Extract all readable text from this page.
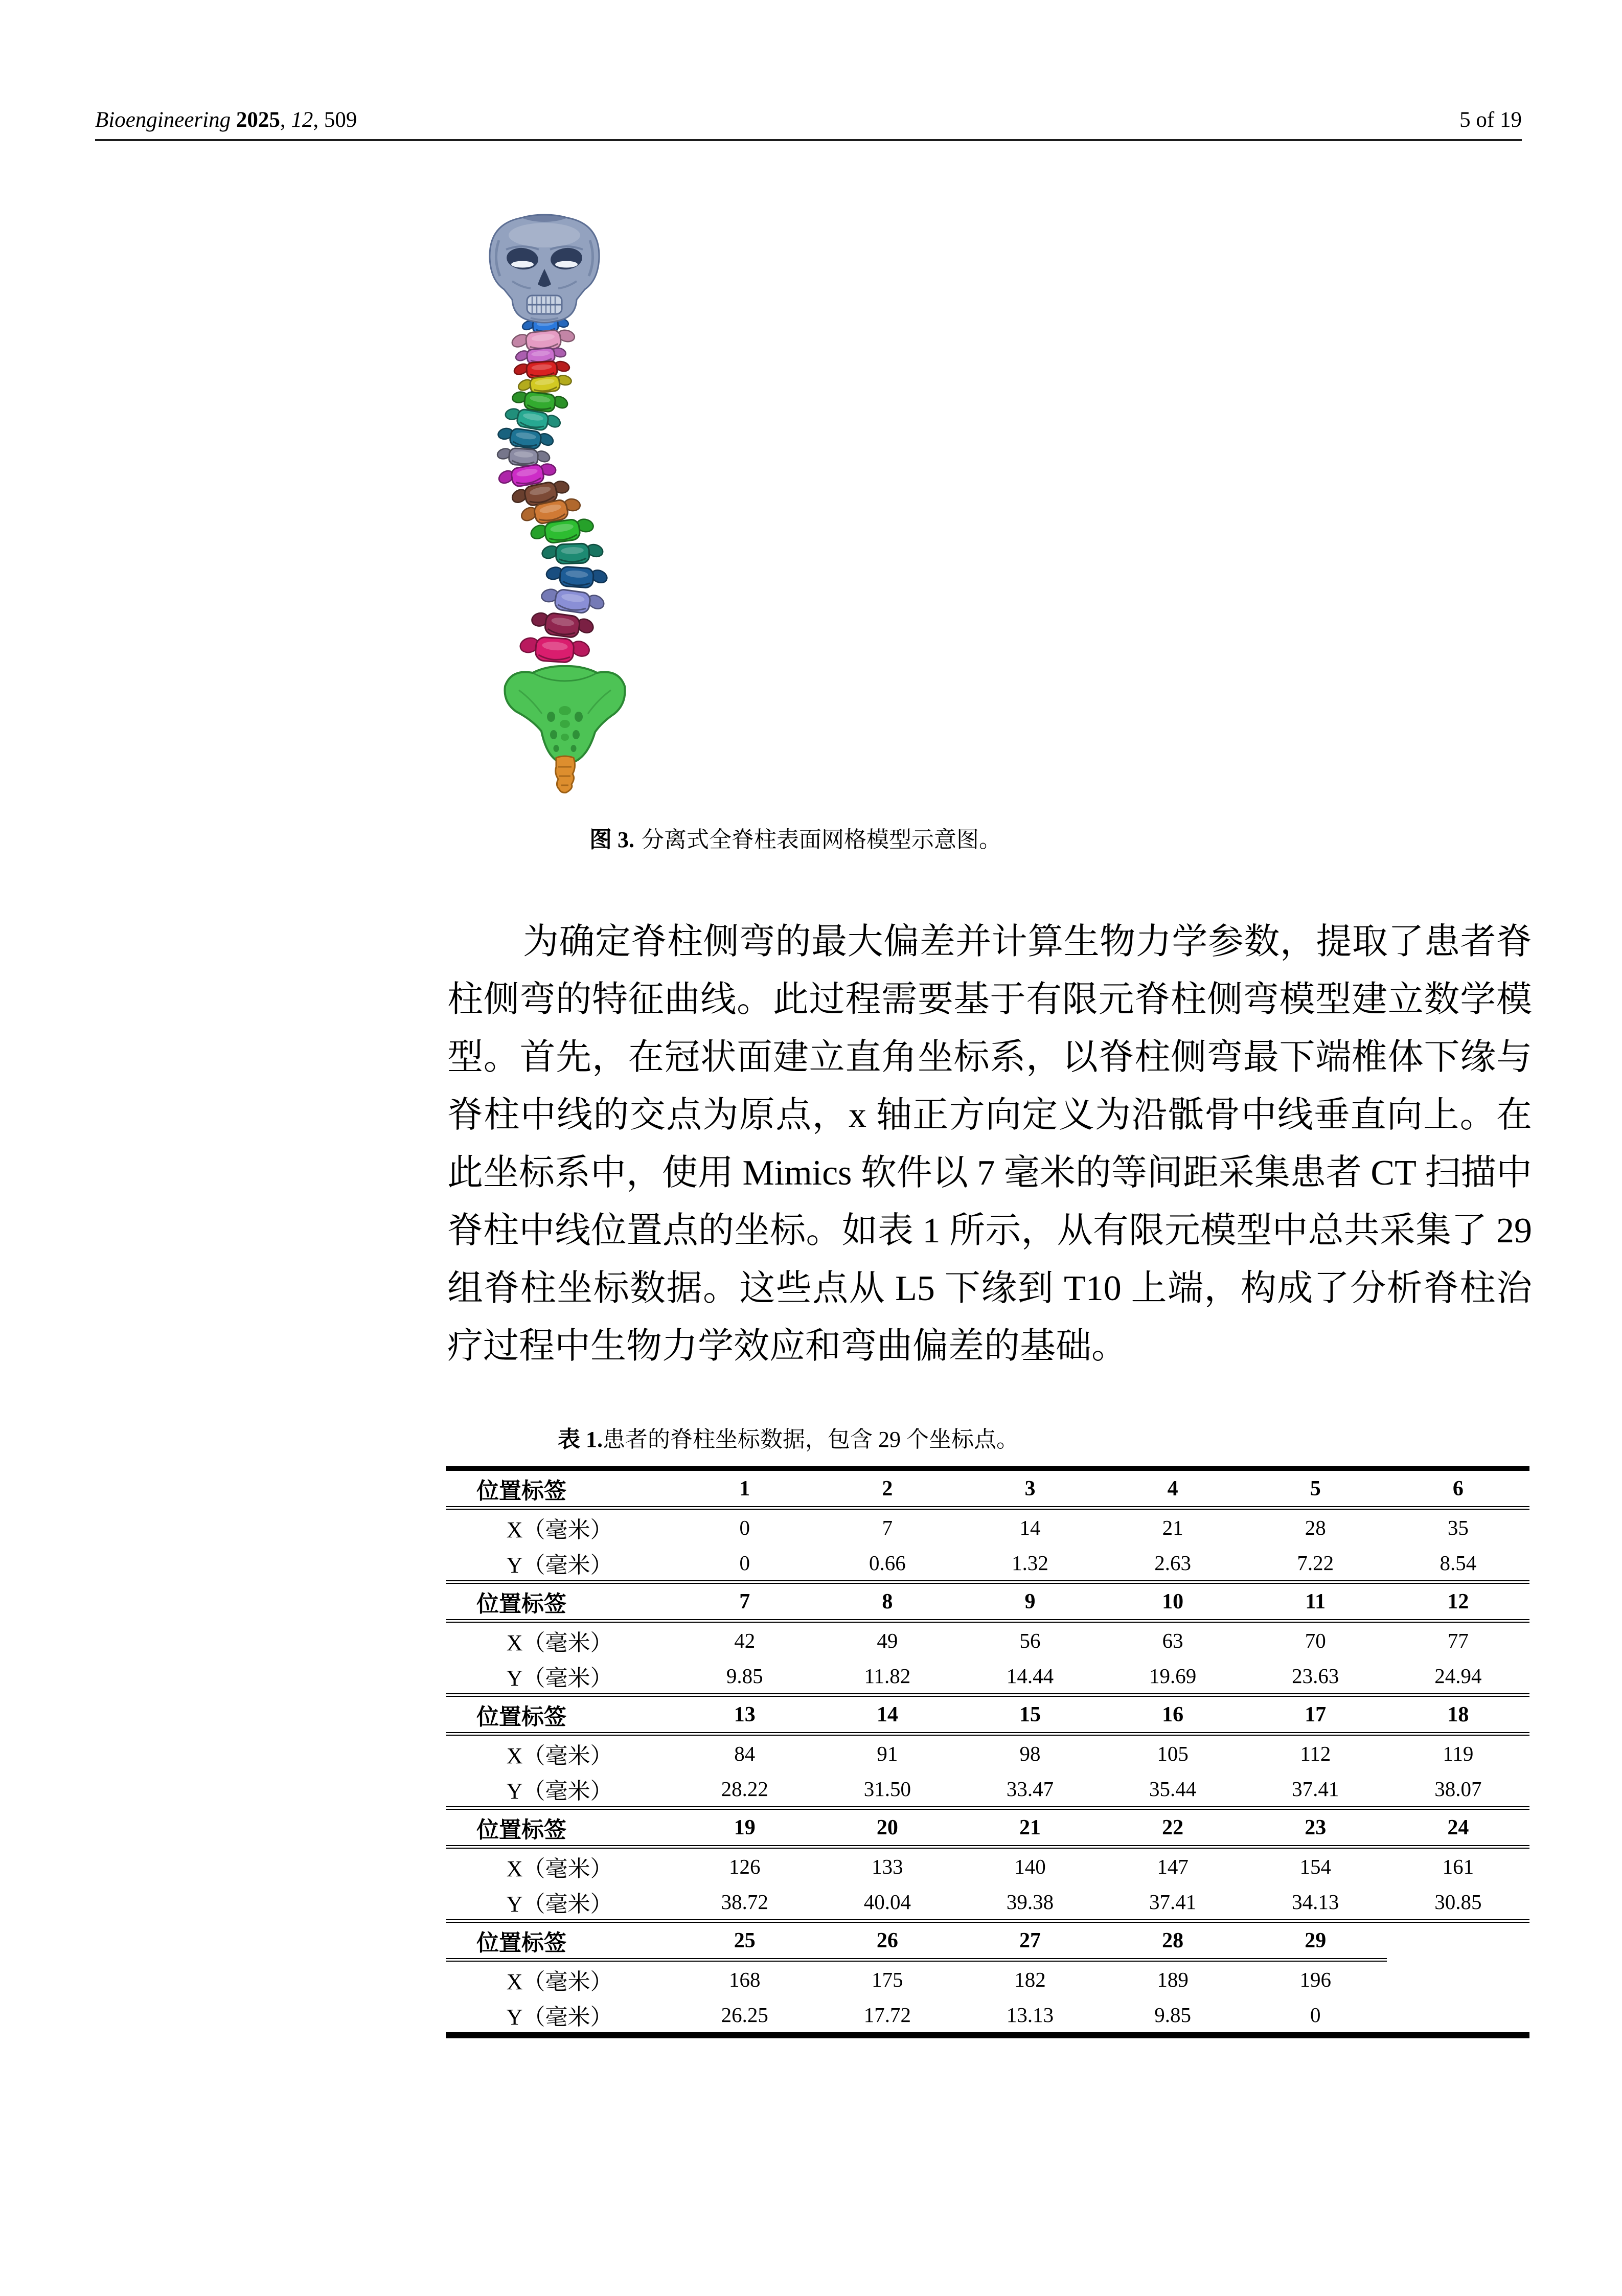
Bioengineering 2025, 12, 509	5 of 19

图 3. 分离式全脊柱表面网格模型示意图。

为确定脊柱侧弯的最大偏差并计算生物力学参数，提取了患者脊
柱侧弯的特征曲线。此过程需要基于有限元脊柱侧弯模型建立数学模
型。首先，在冠状面建立直角坐标系，以脊柱侧弯最下端椎体下缘与
脊柱中线的交点为原点，x 轴正方向定义为沿骶骨中线垂直向上。在
此坐标系中，使用 Mimics 软件以 7 毫米的等间距采集患者 CT 扫描中
脊柱中线位置点的坐标。如表 1 所示，从有限元模型中总共采集了 29
组脊柱坐标数据。这些点从 L5 下缘到 T10 上端，构成了分析脊柱治
疗过程中生物力学效应和弯曲偏差的基础。

表 1.患者的脊柱坐标数据，包含 29 个坐标点。

位置标签	1	2	3	4	5	6
X（毫米）	0	7	14	21	28	35
Y（毫米）	0	0.66	1.32	2.63	7.22	8.54
位置标签	7	8	9	10	11	12
X（毫米）	42	49	56	63	70	77
Y（毫米）	9.85	11.82	14.44	19.69	23.63	24.94
位置标签	13	14	15	16	17	18
X（毫米）	84	91	98	105	112	119
Y（毫米）	28.22	31.50	33.47	35.44	37.41	38.07
位置标签	19	20	21	22	23	24
X（毫米）	126	133	140	147	154	161
Y（毫米）	38.72	40.04	39.38	37.41	34.13	30.85
位置标签	25	26	27	28	29	
X（毫米）	168	175	182	189	196	
Y（毫米）	26.25	17.72	13.13	9.85	0	
